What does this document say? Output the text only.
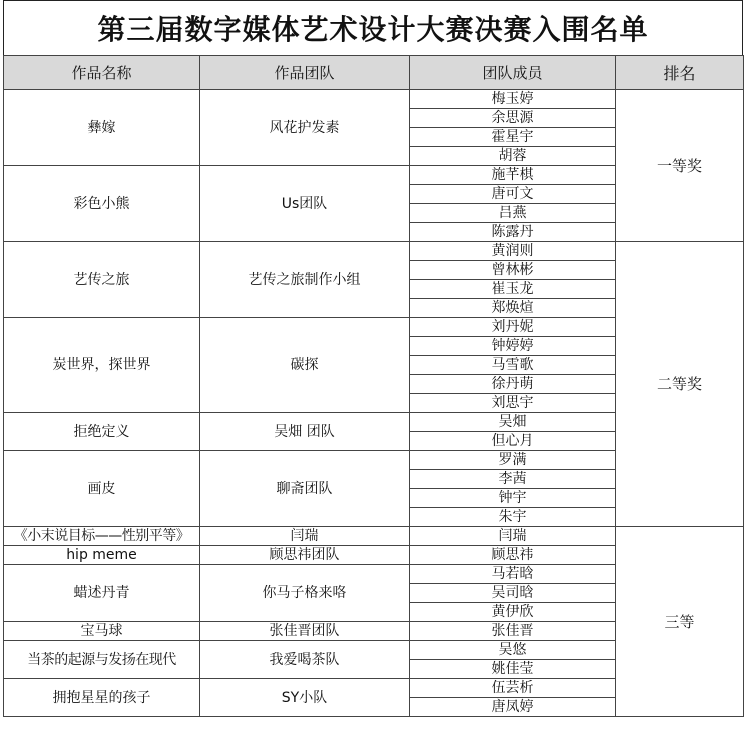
第三届数字媒体艺术设计大赛决赛入围名单
作品名称	作品团队	团队成员	排名
彝嫁	风花护发素	梅玉婷	一等奖
		余思源	
		霍星宇	
		胡蓉	
彩色小熊	Us团队	施芊棋	
		唐可文	
		吕燕	
		陈露丹	
艺传之旅	艺传之旅制作小组	黄润则	二等奖
		曾林彬	
		崔玉龙	
		郑焕煊	
炭世界，探世界	碳探	刘丹妮	
		钟婷婷	
		马雪歌	
		徐丹萌	
		刘思宇	
拒绝定义	吴畑 团队	吴畑	
		但心月	
画皮	聊斋团队	罗满	
		李茜	
		钟宇	
		朱宇	
《小末说目标——性别平等》	闫瑞	闫瑞	三等
hip meme	顾思祎团队	顾思祎	
蜡述丹青	你马子格来咯	马若晗	
		吴司晗	
		黄伊欣	
宝马球	张佳晋团队	张佳晋	
当茶的起源与发扬在现代	我爱喝茶队	吴悠	
		姚佳莹	
拥抱星星的孩子	SY小队	伍芸析	
		唐凤婷	
